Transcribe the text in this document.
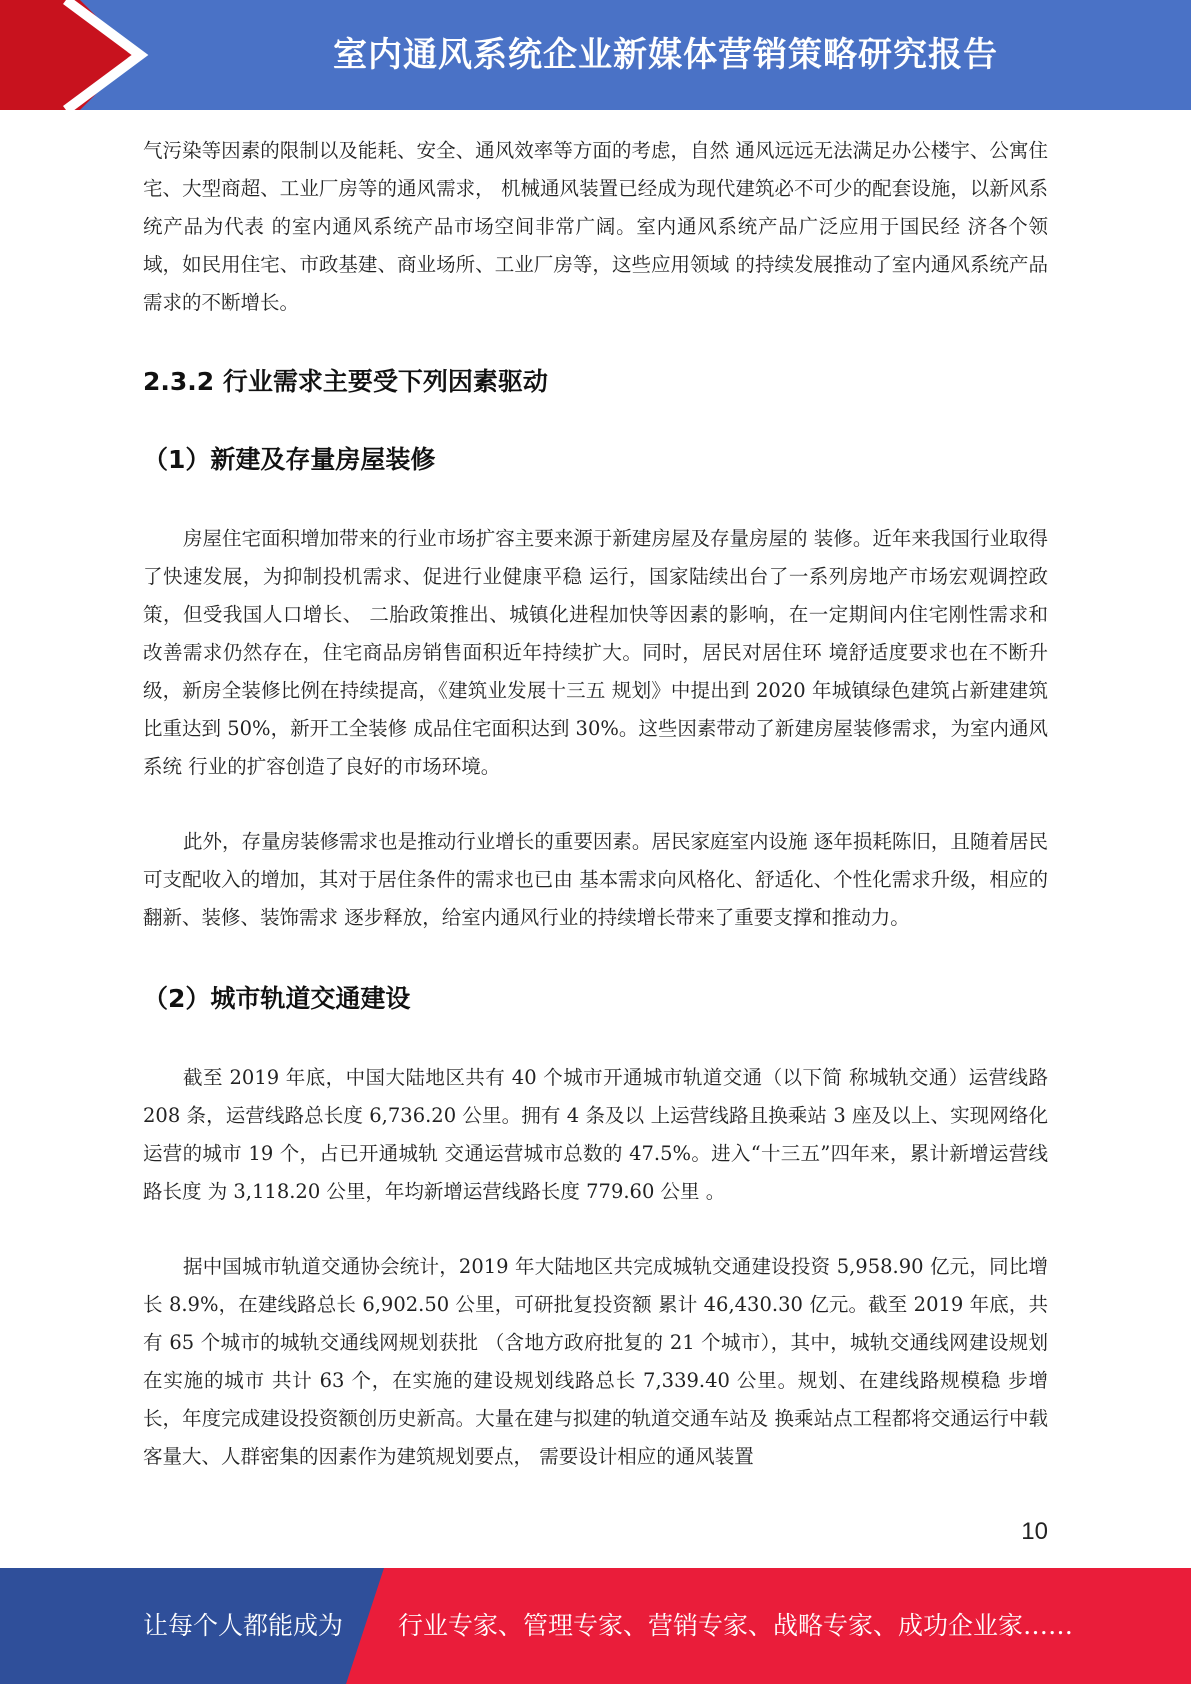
室内通风系统企业新媒体营销策略研究报告

气污染等因素的限制以及能耗、安全、通风效率等方面的考虑，自然 通风远远无法满足办公楼宇、公寓住宅、大型商超、工业厂房等的通风需求， 机械通风装置已经成为现代建筑必不可少的配套设施，以新风系统产品为代表 的室内通风系统产品市场空间非常广阔。室内通风系统产品广泛应用于国民经 济各个领域，如民用住宅、市政基建、商业场所、工业厂房等，这些应用领域 的持续发展推动了室内通风系统产品需求的不断增长。

2.3.2 行业需求主要受下列因素驱动
（1）新建及存量房屋装修

房屋住宅面积增加带来的行业市场扩容主要来源于新建房屋及存量房屋的 装修。近年来我国行业取得了快速发展，为抑制投机需求、促进行业健康平稳 运行，国家陆续出台了一系列房地产市场宏观调控政策，但受我国人口增长、 二胎政策推出、城镇化进程加快等因素的影响，在一定期间内住宅刚性需求和 改善需求仍然存在，住宅商品房销售面积近年持续扩大。同时，居民对居住环 境舒适度要求也在不断升级，新房全装修比例在持续提高，《建筑业发展十三五 规划》中提出到 2020 年城镇绿色建筑占新建建筑比重达到 50%，新开工全装修 成品住宅面积达到 30%。这些因素带动了新建房屋装修需求，为室内通风系统 行业的扩容创造了良好的市场环境。

此外，存量房装修需求也是推动行业增长的重要因素。居民家庭室内设施 逐年损耗陈旧，且随着居民可支配收入的增加，其对于居住条件的需求也已由 基本需求向风格化、舒适化、个性化需求升级，相应的翻新、装修、装饰需求 逐步释放，给室内通风行业的持续增长带来了重要支撑和推动力。

（2）城市轨道交通建设

截至 2019 年底，中国大陆地区共有 40 个城市开通城市轨道交通（以下简 称城轨交通）运营线路 208 条，运营线路总长度 6,736.20 公里。拥有 4 条及以 上运营线路且换乘站 3 座及以上、实现网络化运营的城市 19 个，占已开通城轨 交通运营城市总数的 47.5%。进入“十三五”四年来，累计新增运营线路长度 为 3,118.20 公里，年均新增运营线路长度 779.60 公里 。

据中国城市轨道交通协会统计，2019 年大陆地区共完成城轨交通建设投资 5,958.90 亿元，同比增长 8.9%，在建线路总长 6,902.50 公里，可研批复投资额 累计 46,430.30 亿元。截至 2019 年底，共有 65 个城市的城轨交通线网规划获批 （含地方政府批复的 21 个城市），其中，城轨交通线网建设规划在实施的城市 共计 63 个，在实施的建设规划线路总长 7,339.40 公里。规划、在建线路规模稳 步增长，年度完成建设投资额创历史新高。大量在建与拟建的轨道交通车站及 换乘站点工程都将交通运行中载客量大、人群密集的因素作为建筑规划要点， 需要设计相应的通风装置

10
让每个人都能成为 行业专家、管理专家、营销专家、战略专家、成功企业家……
